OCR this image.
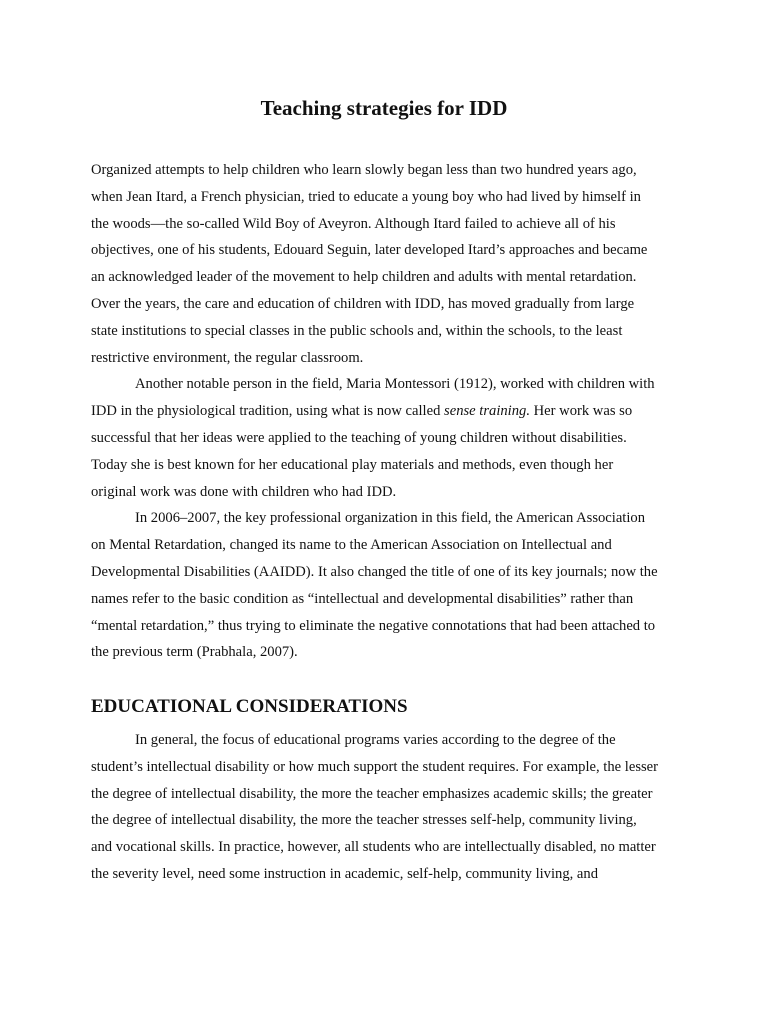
Teaching strategies for IDD

Organized attempts to help children who learn slowly began less than two hundred years ago,

when Jean Itard, a French physician, tried to educate a young boy who had lived by himself in

the woods—the so-called Wild Boy of Aveyron. Although Itard failed to achieve all of his

objectives, one of his students, Edouard Seguin, later developed Itard’s approaches and became

an acknowledged leader of the movement to help children and adults with mental retardation.

Over the years, the care and education of children with IDD, has moved gradually from large

state institutions to special classes in the public schools and, within the schools, to the least

restrictive environment, the regular classroom.

Another notable person in the field, Maria Montessori (1912), worked with children with

IDD in the physiological tradition, using what is now called sense training. Her work was so

successful that her ideas were applied to the teaching of young children without disabilities.

Today she is best known for her educational play materials and methods, even though her

original work was done with children who had IDD.

In 2006–2007, the key professional organization in this field, the American Association

on Mental Retardation, changed its name to the American Association on Intellectual and

Developmental Disabilities (AAIDD). It also changed the title of one of its key journals; now the

names refer to the basic condition as “intellectual and developmental disabilities” rather than

“mental retardation,” thus trying to eliminate the negative connotations that had been attached to

the previous term (Prabhala, 2007).

EDUCATIONAL CONSIDERATIONS

In general, the focus of educational programs varies according to the degree of the

student’s intellectual disability or how much support the student requires. For example, the lesser

the degree of intellectual disability, the more the teacher emphasizes academic skills; the greater

the degree of intellectual disability, the more the teacher stresses self-help, community living,

and vocational skills. In practice, however, all students who are intellectually disabled, no matter

the severity level, need some instruction in academic, self-help, community living, and
